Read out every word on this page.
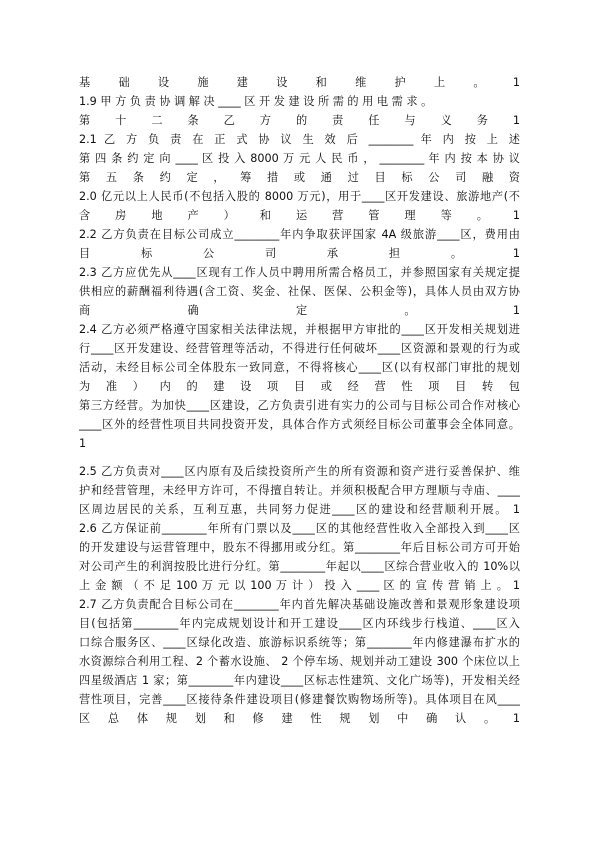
基 础 设 施 建 设 和 维 护 上 。 1
1.9 甲 方 负 责 协 调 解 决 ____ 区 开 发 建 设 所 需 的 用 电 需 求 。
第 十 二 条 乙 方 的 责 任 与 义 务 1
2.1 乙 方 负 责 在 正 式 协 议 生 效 后 ________ 年 内 按 上 述
第 四 条 约 定 向 ____ 区 投 入 8000 万 元 人 民 币 ， ________ 年 内 按 本 协 议
第 五 条 约 定 ， 筹 措 或 通 过 目 标 公 司 融 资
2.0 亿元以上人民币(不包括入股的 8000 万元)，用于____区开发建设、旅游地产(不
含 房 地 产 ） 和 运 营 管 理 等 。 1
2.2 乙方负责在目标公司成立________年内争取获评国家 4A 级旅游____区，费用由
目 标 公 司 承 担 。 1
2.3 乙方应优先从____区现有工作人员中聘用所需合格员工，并参照国家有关规定提
供相应的薪酬福利待遇(含工资、奖金、社保、医保、公积金等)，具体人员由双方协
商 确 定 。 1
2.4 乙方必须严格遵守国家相关法律法规，并根据甲方审批的____区开发相关规划进
行____区开发建设、经营管理等活动，不得进行任何破坏____区资源和景观的行为或
活动，未经目标公司全体股东一致同意，不得将核心____区(以有权部门审批的规划
为 准 ） 内 的 建 设 项 目 或 经 营 性 项 目 转 包
第三方经营。为加快____区建设，乙方负责引进有实力的公司与目标公司合作对核心
____区外的经营性项目共同投资开发，具体合作方式须经目标公司董事会全体同意。
1
2.5 乙方负责对____区内原有及后续投资所产生的所有资源和资产进行妥善保护、维
护和经营管理，未经甲方许可，不得擅自转让。并须积极配合甲方理顺与寺庙、____
区周边居民的关系，互利互惠，共同努力促进____区的建设和经营顺利开展。 1
2.6 乙方保证前________年所有门票以及____区的其他经营性收入全部投入到____区
的开发建设与运营管理中，股东不得挪用或分红。第________年后目标公司方可开始
对公司产生的利润按股比进行分红。第________年起以____区综合营业收入的 10%以
上 金 额 （ 不 足 100 万 元 以 100 万 计 ） 投 入 ____ 区 的 宣 传 营 销 上 。 1
2.7 乙方负责配合目标公司在________年内首先解决基础设施改善和景观形象建设项
目(包括第________年内完成规划设计和开工建设____区内环线步行栈道、____区入
口综合服务区、____区绿化改造、旅游标识系统等；第________年内修建瀑布扩水的
水资源综合利用工程、2 个蓄水设施、 2 个停车场、规划并动工建设 300 个床位以上
四星级酒店 1 家；第________年内建设____区标志性建筑、文化广场等)，开发相关经
营性项目，完善____区接待条件建设项目(修建餐饮购物场所等)。具体项目在风____
区 总 体 规 划 和 修 建 性 规 划 中 确 认 。 1
